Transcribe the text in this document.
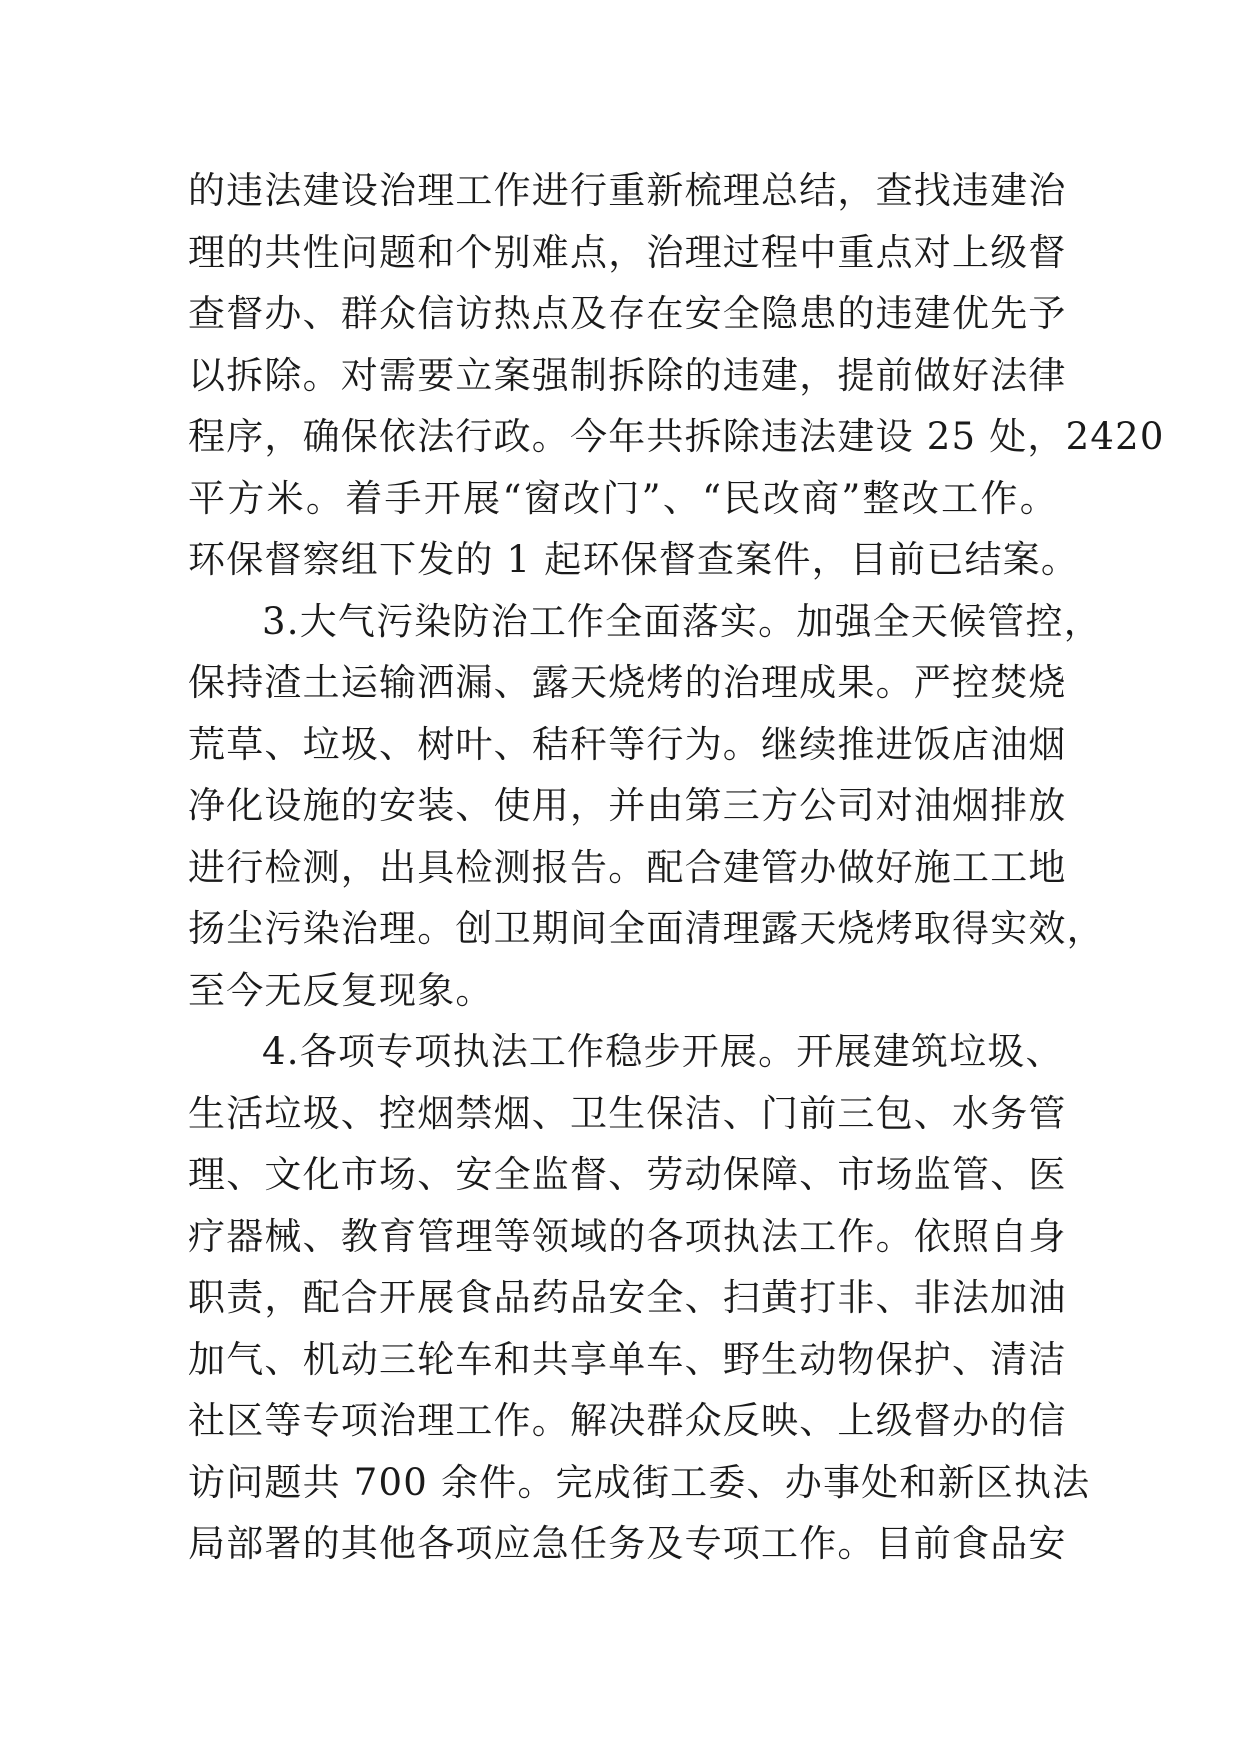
的违法建设治理工作进行重新梳理总结，查找违建治
理的共性问题和个别难点，治理过程中重点对上级督
查督办、群众信访热点及存在安全隐患的违建优先予
以拆除。对需要立案强制拆除的违建，提前做好法律
程序，确保依法行政。今年共拆除违法建设 25 处，2420
平方米。着手开展“窗改门”、“民改商”整改工作。
环保督察组下发的 1 起环保督查案件，目前已结案。
3.大气污染防治工作全面落实。加强全天候管控，
保持渣土运输洒漏、露天烧烤的治理成果。严控焚烧
荒草、垃圾、树叶、秸秆等行为。继续推进饭店油烟
净化设施的安装、使用，并由第三方公司对油烟排放
进行检测，出具检测报告。配合建管办做好施工工地
扬尘污染治理。创卫期间全面清理露天烧烤取得实效，
至今无反复现象。
4.各项专项执法工作稳步开展。开展建筑垃圾、
生活垃圾、控烟禁烟、卫生保洁、门前三包、水务管
理、文化市场、安全监督、劳动保障、市场监管、医
疗器械、教育管理等领域的各项执法工作。依照自身
职责，配合开展食品药品安全、扫黄打非、非法加油
加气、机动三轮车和共享单车、野生动物保护、清洁
社区等专项治理工作。解决群众反映、上级督办的信
访问题共 700 余件。完成街工委、办事处和新区执法
局部署的其他各项应急任务及专项工作。目前食品安
